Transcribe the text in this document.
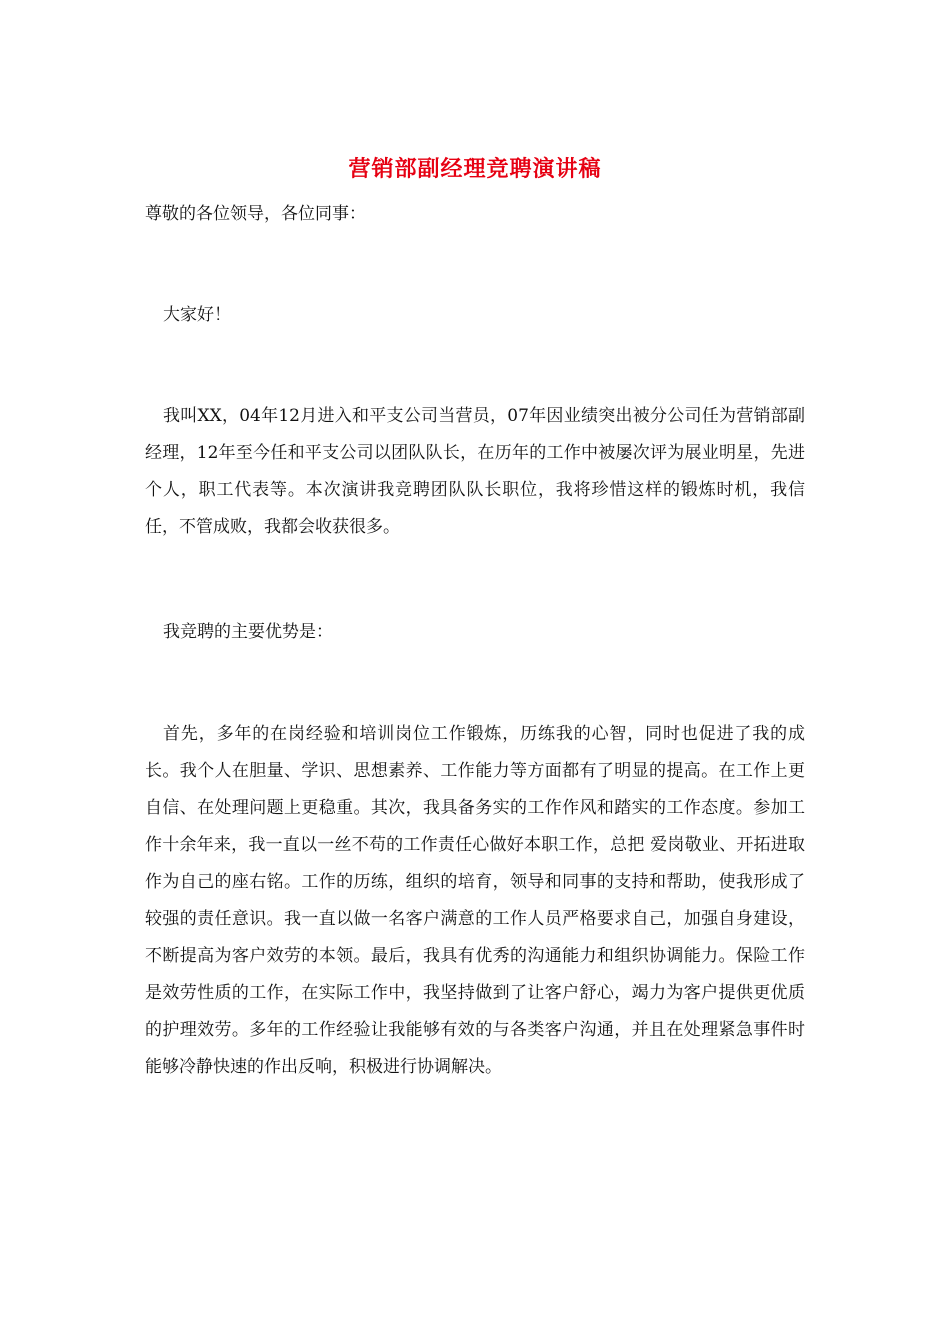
营销部副经理竞聘演讲稿

尊敬的各位领导，各位同事：

大家好！

我叫XX，04年12月进入和平支公司当营员，07年因业绩突出被分公司任为营销部副经理，12年至今任和平支公司以团队队长，在历年的工作中被屡次评为展业明星，先进个人，职工代表等。本次演讲我竞聘团队队长职位，我将珍惜这样的锻炼时机，我信任，不管成败，我都会收获很多。

我竞聘的主要优势是：

首先，多年的在岗经验和培训岗位工作锻炼，历练我的心智，同时也促进了我的成长。我个人在胆量、学识、思想素养、工作能力等方面都有了明显的提高。在工作上更自信、在处理问题上更稳重。其次，我具备务实的工作作风和踏实的工作态度。参加工作十余年来，我一直以一丝不苟的工作责任心做好本职工作，总把 爱岗敬业、开拓进取 作为自己的座右铭。工作的历练，组织的培育，领导和同事的支持和帮助，使我形成了较强的责任意识。我一直以做一名客户满意的工作人员严格要求自己，加强自身建设，不断提高为客户效劳的本领。最后，我具有优秀的沟通能力和组织协调能力。保险工作是效劳性质的工作，在实际工作中，我坚持做到了让客户舒心，竭力为客户提供更优质的护理效劳。多年的工作经验让我能够有效的与各类客户沟通，并且在处理紧急事件时能够冷静快速的作出反响，积极进行协调解决。
